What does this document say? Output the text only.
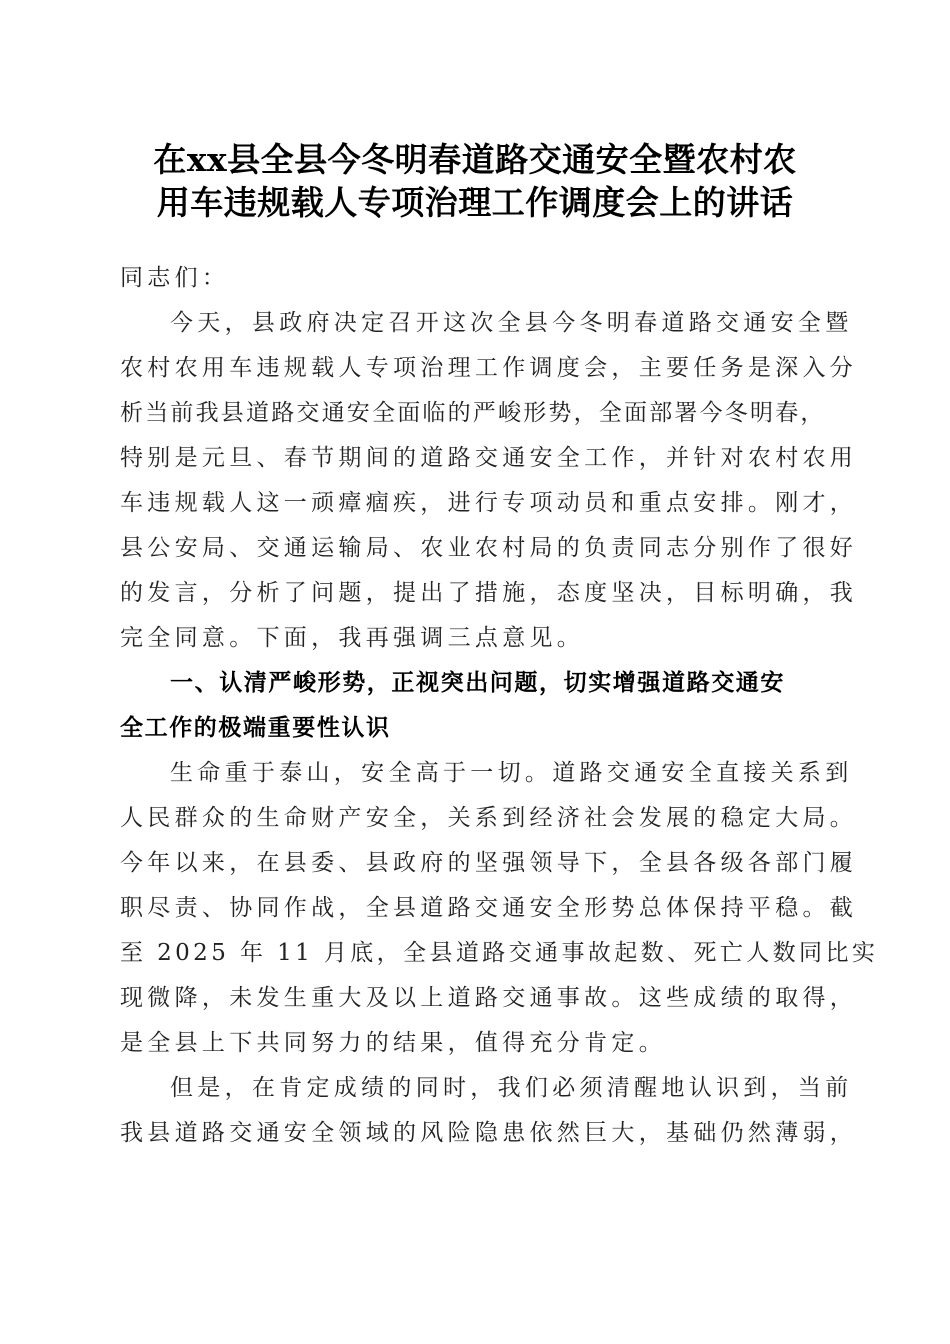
在xx县全县今冬明春道路交通安全暨农村农
用车违规载人专项治理工作调度会上的讲话
同志们：
今天，县政府决定召开这次全县今冬明春道路交通安全暨
农村农用车违规载人专项治理工作调度会，主要任务是深入分
析当前我县道路交通安全面临的严峻形势，全面部署今冬明春，
特别是元旦、春节期间的道路交通安全工作，并针对农村农用
车违规载人这一顽瘴痼疾，进行专项动员和重点安排。刚才，
县公安局、交通运输局、农业农村局的负责同志分别作了很好
的发言，分析了问题，提出了措施，态度坚决，目标明确，我
完全同意。下面，我再强调三点意见。
一、认清严峻形势，正视突出问题，切实增强道路交通安
全工作的极端重要性认识
生命重于泰山，安全高于一切。道路交通安全直接关系到
人民群众的生命财产安全，关系到经济社会发展的稳定大局。
今年以来，在县委、县政府的坚强领导下，全县各级各部门履
职尽责、协同作战，全县道路交通安全形势总体保持平稳。截
至 2025 年 11 月底，全县道路交通事故起数、死亡人数同比实
现微降，未发生重大及以上道路交通事故。这些成绩的取得，
是全县上下共同努力的结果，值得充分肯定。
但是，在肯定成绩的同时，我们必须清醒地认识到，当前
我县道路交通安全领域的风险隐患依然巨大，基础仍然薄弱，
